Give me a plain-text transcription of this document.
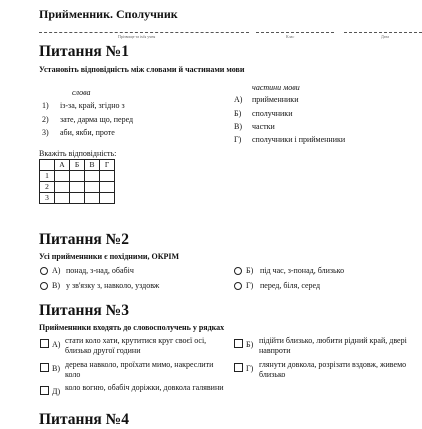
Прийменник. Сполучник
Прізвище та ім'я учня	Клас	Дата
Питання №1
Установіть відповідність між словами й частинами мови
слова
частини мови
1) із-за, край, згідно з
2) зате, дарма що, перед
3) аби, якби, проте
А) прийменники
Б) сполучники
В) частки
Г) сполучники і прийменники
Вкажіть відповідність:
	А	Б	В	Г
1				
2				
3				
Питання №2
Усі прийменники є похідними, ОКРІМ
А) понад, з-над, обабіч	Б) під час, з-понад, близько
В) у зв'язку з, навколо, уздовж	Г) перед, біля, серед
Питання №3
Прийменники входять до словосполучень у рядках
А) стати коло хати, крутитися круг своєї осі, близько другої години
Б) підійти близько, любити рідний край, двері навпроти
В) дерева навколо, проїхати мимо, накреслити коло
Г) глянути довкола, розрізати вздовж, живемо близько
Д) коло вогню, обабіч доріжки, довкола галявини
Питання №4
